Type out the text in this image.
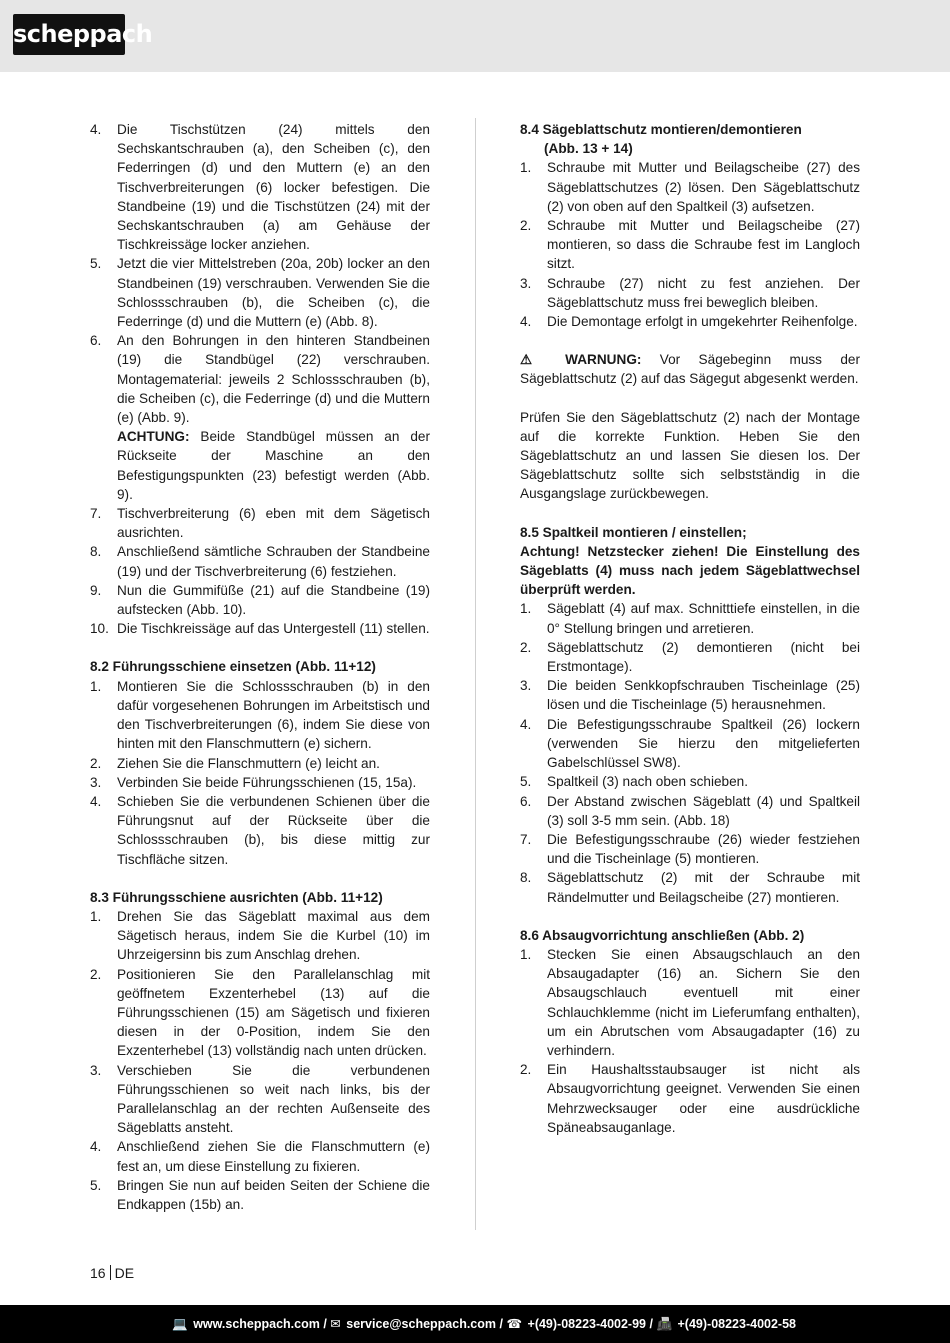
scheppach
4. Die Tischstützen (24) mittels den Sechskantschrauben (a), den Scheiben (c), den Federringen (d) und den Muttern (e) an den Tischverbreiterungen (6) locker befestigen. Die Standbeine (19) und die Tischstützen (24) mit der Sechskantschrauben (a) am Gehäuse der Tischkreissäge locker anziehen.
5. Jetzt die vier Mittelstreben (20a, 20b) locker an den Standbeinen (19) verschrauben. Verwenden Sie die Schlossschrauben (b), die Scheiben (c), die Federringe (d) und die Muttern (e) (Abb. 8).
6. An den Bohrungen in den hinteren Standbeinen (19) die Standbügel (22) verschrauben. Montagematerial: jeweils 2 Schlossschrauben (b), die Scheiben (c), die Federringe (d) und die Muttern (e) (Abb. 9).
ACHTUNG: Beide Standbügel müssen an der Rückseite der Maschine an den Befestigungspunkten (23) befestigt werden (Abb. 9).
7. Tischverbreiterung (6) eben mit dem Sägetisch ausrichten.
8. Anschließend sämtliche Schrauben der Standbeine (19) und der Tischverbreiterung (6) festziehen.
9. Nun die Gummifüße (21) auf die Standbeine (19) aufstecken (Abb. 10).
10. Die Tischkreissäge auf das Untergestell (11) stellen.
8.2 Führungsschiene einsetzen (Abb. 11+12)
1. Montieren Sie die Schlossschrauben (b) in den dafür vorgesehenen Bohrungen im Arbeitstisch und den Tischverbreiterungen (6), indem Sie diese von hinten mit den Flanschmuttern (e) sichern.
2. Ziehen Sie die Flanschmuttern (e) leicht an.
3. Verbinden Sie beide Führungsschienen (15, 15a).
4. Schieben Sie die verbundenen Schienen über die Führungsnut auf der Rückseite über die Schlossschrauben (b), bis diese mittig zur Tischfläche sitzen.
8.3 Führungsschiene ausrichten (Abb. 11+12)
1. Drehen Sie das Sägeblatt maximal aus dem Sägetisch heraus, indem Sie die Kurbel (10) im Uhrzeigersinn bis zum Anschlag drehen.
2. Positionieren Sie den Parallelanschlag mit geöffnetem Exzenterhebel (13) auf die Führungsschienen (15) am Sägetisch und fixieren diesen in der 0-Position, indem Sie den Exzenterhebel (13) vollständig nach unten drücken.
3. Verschieben Sie die verbundenen Führungsschienen so weit nach links, bis der Parallelanschlag an der rechten Außenseite des Sägeblatts ansteht.
4. Anschließend ziehen Sie die Flanschmuttern (e) fest an, um diese Einstellung zu fixieren.
5. Bringen Sie nun auf beiden Seiten der Schiene die Endkappen (15b) an.
8.4 Sägeblattschutz montieren/demontieren
(Abb. 13 + 14)
1. Schraube mit Mutter und Beilagscheibe (27) des Sägeblattschutzes (2) lösen. Den Sägeblattschutz (2) von oben auf den Spaltkeil (3) aufsetzen.
2. Schraube mit Mutter und Beilagscheibe (27) montieren, so dass die Schraube fest im Langloch sitzt.
3. Schraube (27) nicht zu fest anziehen. Der Sägeblattschutz muss frei beweglich bleiben.
4. Die Demontage erfolgt in umgekehrter Reihenfolge.
⚠ WARNUNG: Vor Sägebeginn muss der Sägeblattschutz (2) auf das Sägegut abgesenkt werden.
Prüfen Sie den Sägeblattschutz (2) nach der Montage auf die korrekte Funktion. Heben Sie den Sägeblattschutz an und lassen Sie diesen los. Der Sägeblattschutz sollte sich selbstständig in die Ausgangslage zurückbewegen.
8.5 Spaltkeil montieren / einstellen;
Achtung! Netzstecker ziehen! Die Einstellung des Sägeblatts (4) muss nach jedem Sägeblattwechsel überprüft werden.
1. Sägeblatt (4) auf max. Schnitttiefe einstellen, in die 0° Stellung bringen und arretieren.
2. Sägeblattschutz (2) demontieren (nicht bei Erstmontage).
3. Die beiden Senkkopfschrauben Tischeinlage (25) lösen und die Tischeinlage (5) herausnehmen.
4. Die Befestigungsschraube Spaltkeil (26) lockern (verwenden Sie hierzu den mitgelieferten Gabelschlüssel SW8).
5. Spaltkeil (3) nach oben schieben.
6. Der Abstand zwischen Sägeblatt (4) und Spaltkeil (3) soll 3-5 mm sein. (Abb. 18)
7. Die Befestigungsschraube (26) wieder festziehen und die Tischeinlage (5) montieren.
8. Sägeblattschutz (2) mit der Schraube mit Rändelmutter und Beilagscheibe (27) montieren.
8.6 Absaugvorrichtung anschließen (Abb. 2)
1. Stecken Sie einen Absaugschlauch an den Absaugadapter (16) an. Sichern Sie den Absaugschlauch eventuell mit einer Schlauchklemme (nicht im Lieferumfang enthalten), um ein Abrutschen vom Absaugadapter (16) zu verhindern.
2. Ein Haushaltsstaubsauger ist nicht als Absaugvorrichtung geeignet. Verwenden Sie einen Mehrzwecksauger oder eine ausdrückliche Späneabsauganlage.
16 DE
💻 www.scheppach.com / ✉ service@scheppach.com / ☎ +(49)-08223-4002-99 / 📠 +(49)-08223-4002-58
